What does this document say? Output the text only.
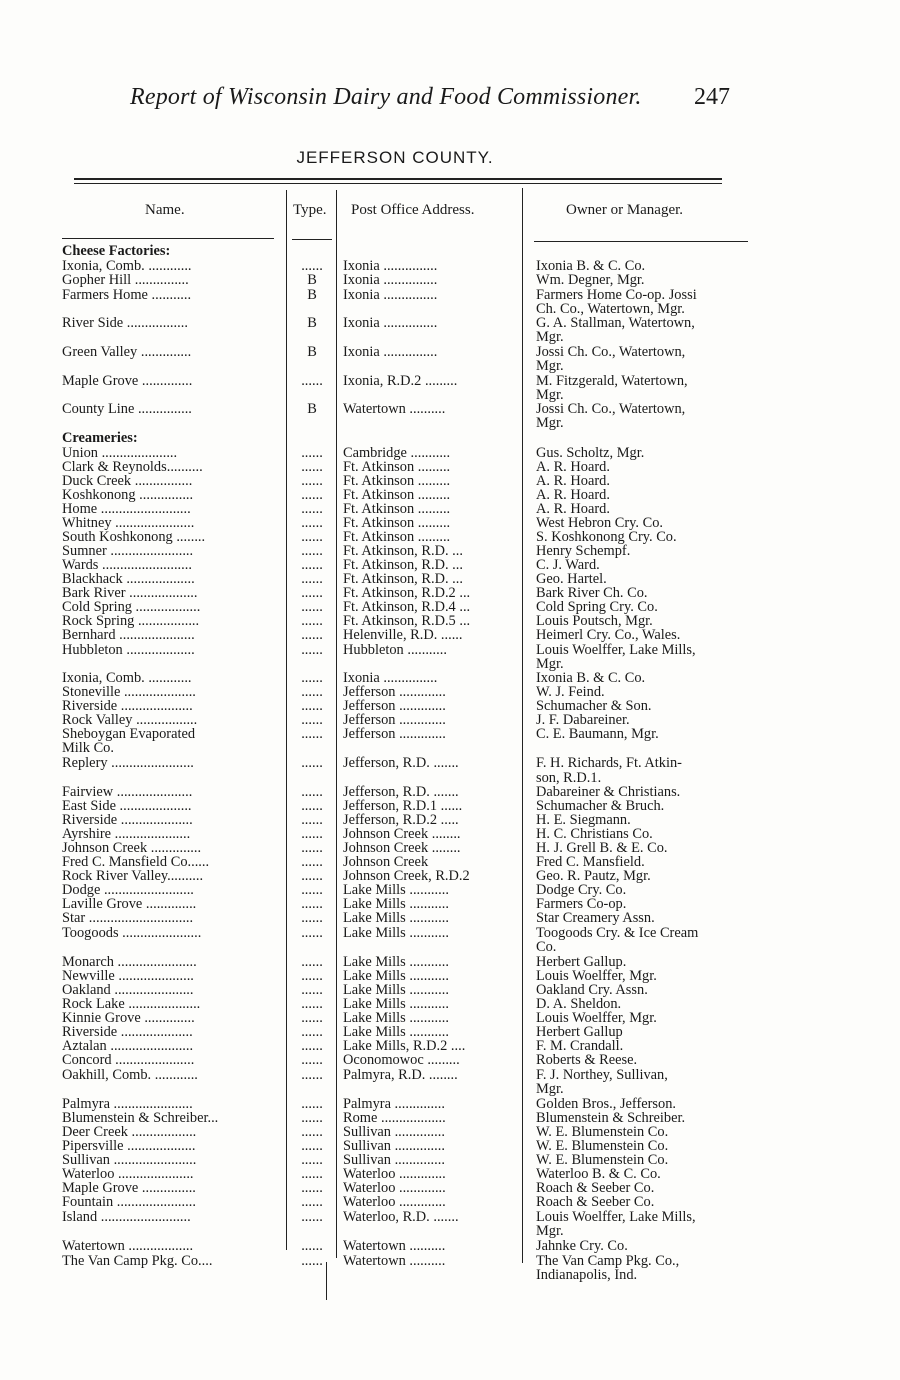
Report of Wisconsin Dairy and Food Commissioner. 247
JEFFERSON COUNTY.
Name.	Type. Post Office Address.	Owner or Manager.
Cheese Factories:
Ixonia, Comb. ............	......	Ixonia ...............	Ixonia B. & C. Co.
Gopher Hill ...............	B	Ixonia ...............	Wm. Degner, Mgr.
Farmers Home ...........	B	Ixonia ...............	Farmers Home Co-op. Jossi
Ch. Co., Watertown, Mgr.
River Side .................	B	Ixonia ...............	G. A. Stallman, Watertown,
Mgr.
Green Valley ..............	B	Ixonia ...............	Jossi Ch. Co., Watertown,
Mgr.
Maple Grove ..............	......	Ixonia, R.D.2 .........	M. Fitzgerald, Watertown,
Mgr.
County Line ...............	B	Watertown ..........	Jossi Ch. Co., Watertown,
Mgr.
Creameries:
Union .....................	......	Cambridge ...........	Gus. Scholtz, Mgr.
Clark & Reynolds..........	......	Ft. Atkinson .........	A. R. Hoard.
Duck Creek ................	......	Ft. Atkinson .........	A. R. Hoard.
Koshkonong ...............	......	Ft. Atkinson .........	A. R. Hoard.
Home .........................	......	Ft. Atkinson .........	A. R. Hoard.
Whitney ......................	......	Ft. Atkinson .........	West Hebron Cry. Co.
South Koshkonong ........	......	Ft. Atkinson .........	S. Koshkonong Cry. Co.
Sumner .......................	......	Ft. Atkinson, R.D. ...	Henry Schempf.
Wards .........................	......	Ft. Atkinson, R.D. ...	C. J. Ward.
Blackhack ...................	......	Ft. Atkinson, R.D. ...	Geo. Hartel.
Bark River ...................	......	Ft. Atkinson, R.D.2 ...	Bark River Ch. Co.
Cold Spring ..................	......	Ft. Atkinson, R.D.4 ...	Cold Spring Cry. Co.
Rock Spring .................	......	Ft. Atkinson, R.D.5 ...	Louis Poutsch, Mgr.
Bernhard .....................	......	Helenville, R.D. ......	Heimerl Cry. Co., Wales.
Hubbleton ...................	......	Hubbleton ...........	Louis Woelffer, Lake Mills,
Mgr.
Ixonia, Comb. ............	......	Ixonia ...............	Ixonia B. & C. Co.
Stoneville ....................	......	Jefferson .............	W. J. Feind.
Riverside ....................	......	Jefferson .............	Schumacher & Son.
Rock Valley .................	......	Jefferson .............	J. F. Dabareiner.
Sheboygan Evaporated	......	Jefferson .............	C. E. Baumann, Mgr.
Milk Co.
Replery .......................	......	Jefferson, R.D. .......	F. H. Richards, Ft. Atkin-
son, R.D.1.
Fairview .....................	......	Jefferson, R.D. .......	Dabareiner & Christians.
East Side ....................	......	Jefferson, R.D.1 ......	Schumacher & Bruch.
Riverside ....................	......	Jefferson, R.D.2 .....	H. E. Siegmann.
Ayrshire .....................	......	Johnson Creek ........	H. C. Christians Co.
Johnson Creek ..............	......	Johnson Creek ........	H. J. Grell B. & E. Co.
Fred C. Mansfield Co......	......	Johnson Creek	Fred C. Mansfield.
Rock River Valley..........	......	Johnson Creek, R.D.2	Geo. R. Pautz, Mgr.
Dodge .........................	......	Lake Mills ...........	Dodge Cry. Co.
Laville Grove ..............	......	Lake Mills ...........	Farmers Co-op.
Star .............................	......	Lake Mills ...........	Star Creamery Assn.
Toogoods ......................	......	Lake Mills ...........	Toogoods Cry. & Ice Cream
Co.
Monarch ......................	......	Lake Mills ...........	Herbert Gallup.
Newville .....................	......	Lake Mills ...........	Louis Woelffer, Mgr.
Oakland ......................	......	Lake Mills ...........	Oakland Cry. Assn.
Rock Lake ....................	......	Lake Mills ...........	D. A. Sheldon.
Kinnie Grove ..............	......	Lake Mills ...........	Louis Woelffer, Mgr.
Riverside ....................	......	Lake Mills ...........	Herbert Gallup
Aztalan .......................	......	Lake Mills, R.D.2 ....	F. M. Crandall.
Concord ......................	......	Oconomowoc .........	Roberts & Reese.
Oakhill, Comb. ............	......	Palmyra, R.D. ........	F. J. Northey, Sullivan,
Mgr.
Palmyra ......................	......	Palmyra ..............	Golden Bros., Jefferson.
Blumenstein & Schreiber...	......	Rome ..................	Blumenstein & Schreiber.
Deer Creek ..................	......	Sullivan ..............	W. E. Blumenstein Co.
Pipersville ...................	......	Sullivan ..............	W. E. Blumenstein Co.
Sullivan .......................	......	Sullivan ..............	W. E. Blumenstein Co.
Waterloo .....................	......	Waterloo .............	Waterloo B. & C. Co.
Maple Grove ...............	......	Waterloo .............	Roach & Seeber Co.
Fountain ......................	......	Waterloo .............	Roach & Seeber Co.
Island .........................	......	Waterloo, R.D. .......	Louis Woelffer, Lake Mills,
Mgr.
Watertown ..................	......	Watertown ..........	Jahnke Cry. Co.
The Van Camp Pkg. Co....	......	Watertown ..........	The Van Camp Pkg. Co.,
Indianapolis, Ind.
